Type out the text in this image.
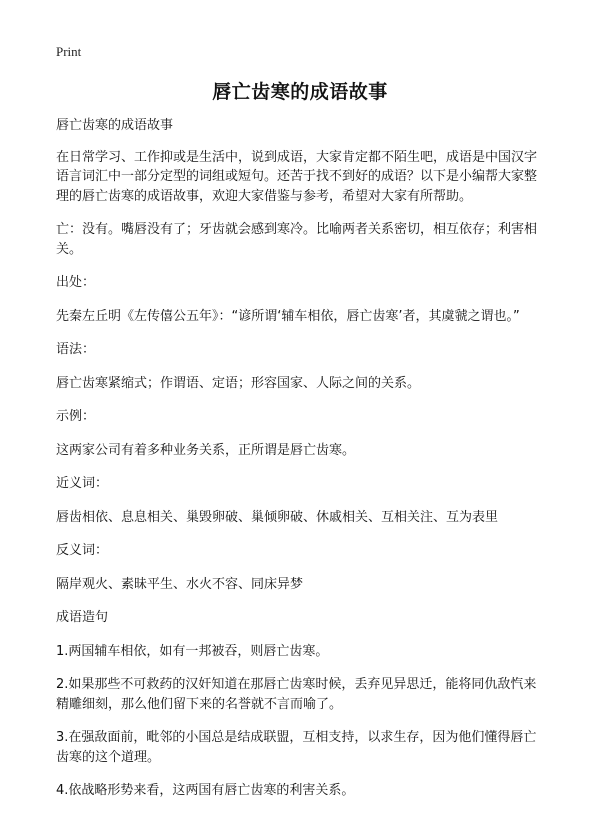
Print
唇亡齿寒的成语故事
唇亡齿寒的成语故事
在日常学习、工作抑或是生活中，说到成语，大家肯定都不陌生吧，成语是中国汉字语言词汇中一部分定型的词组或短句。还苦于找不到好的成语？以下是小编帮大家整理的唇亡齿寒的成语故事，欢迎大家借鉴与参考，希望对大家有所帮助。
亡：没有。嘴唇没有了；牙齿就会感到寒冷。比喻两者关系密切，相互依存；利害相关。
出处：
先秦左丘明《左传僖公五年》：“谚所谓‘辅车相依，唇亡齿寒’者，其虞虢之谓也。”
语法：
唇亡齿寒紧缩式；作谓语、定语；形容国家、人际之间的关系。
示例：
这两家公司有着多种业务关系，正所谓是唇亡齿寒。
近义词：
唇齿相依、息息相关、巢毁卵破、巢倾卵破、休戚相关、互相关注、互为表里
反义词：
隔岸观火、素昧平生、水火不容、同床异梦
成语造句
1.两国辅车相依，如有一邦被吞，则唇亡齿寒。
2.如果那些不可救药的汉奸知道在那唇亡齿寒时候，丢弃见异思迁，能将同仇敌忾来精雕细刻，那么他们留下来的名誉就不言而喻了。
3.在强敌面前，毗邻的小国总是结成联盟，互相支持，以求生存，因为他们懂得唇亡齿寒的这个道理。
4.依战略形势来看，这两国有唇亡齿寒的利害关系。
